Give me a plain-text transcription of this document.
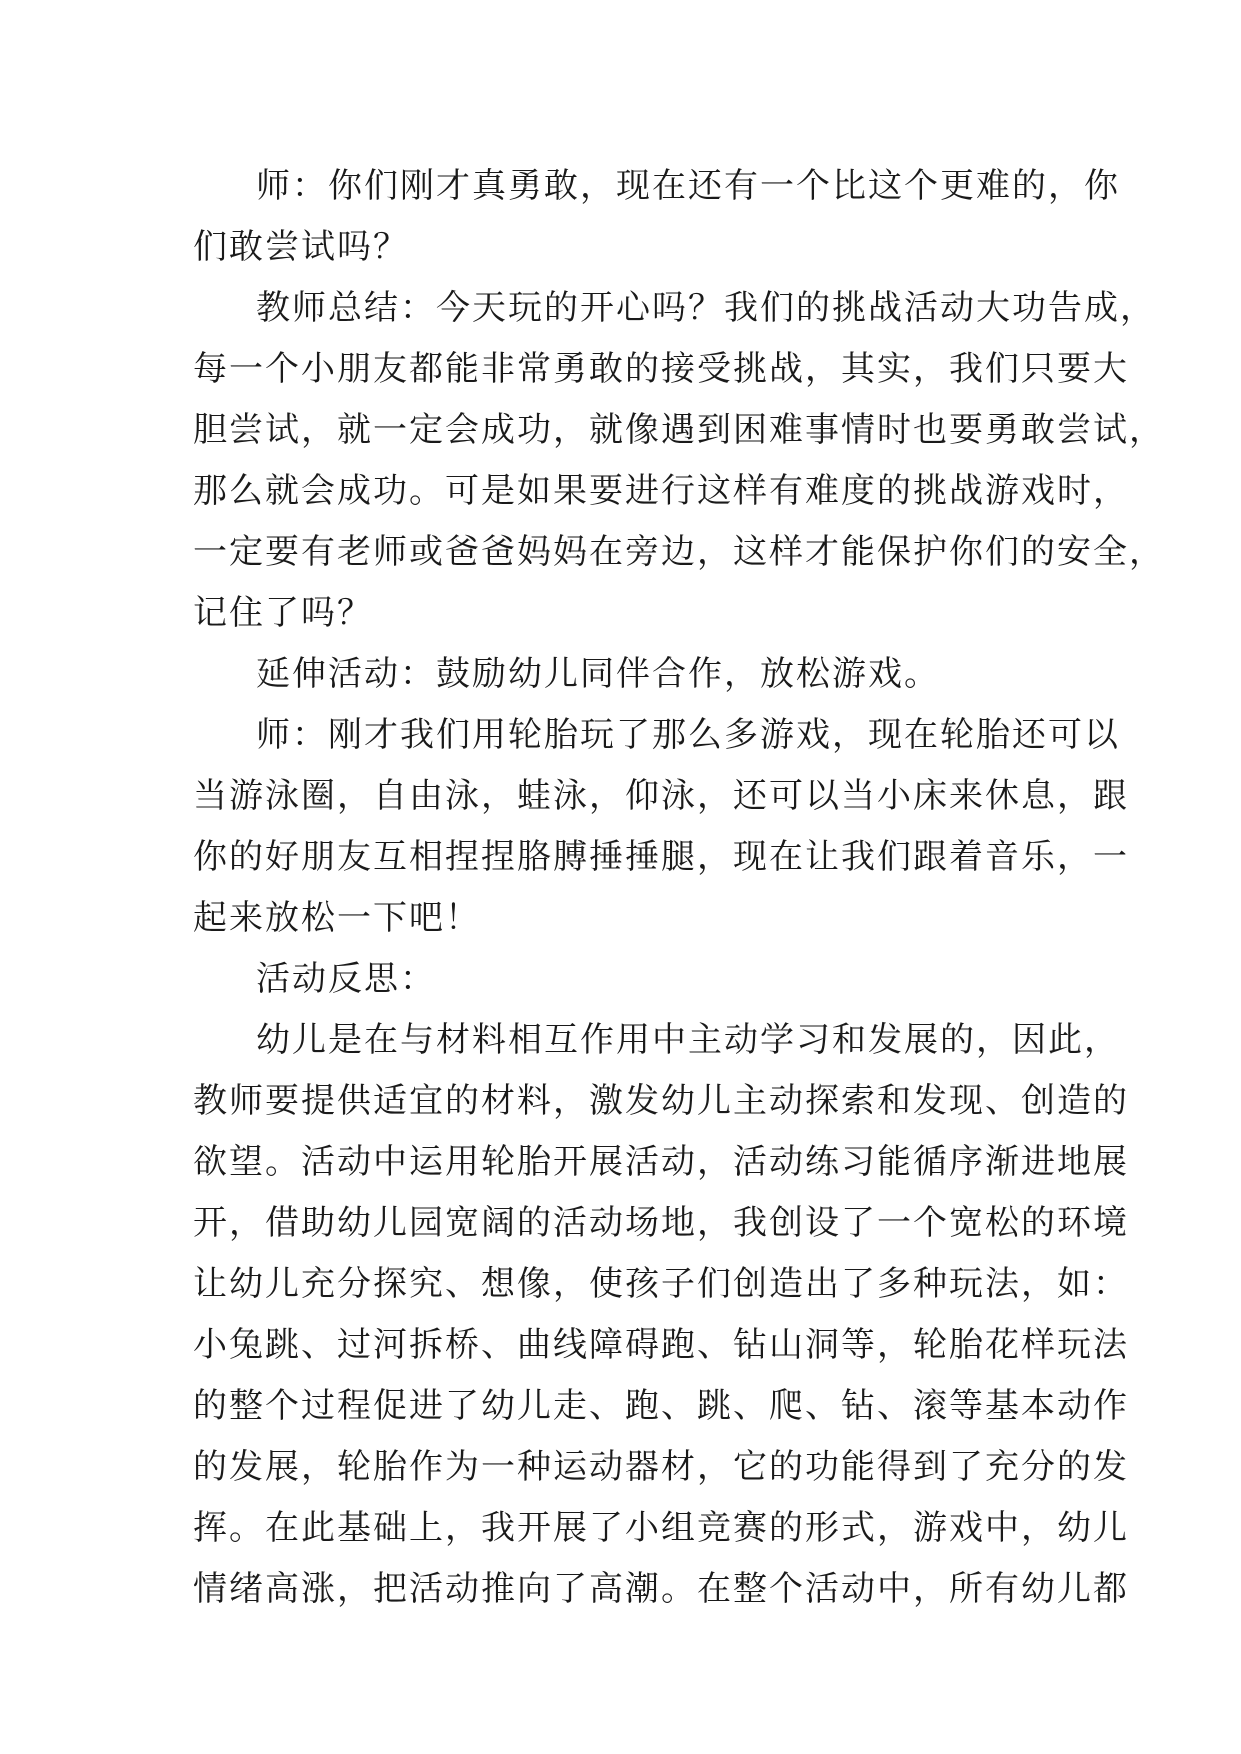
师：你们刚才真勇敢，现在还有一个比这个更难的，你
们敢尝试吗？

教师总结：今天玩的开心吗？我们的挑战活动大功告成，
每一个小朋友都能非常勇敢的接受挑战，其实，我们只要大
胆尝试，就一定会成功，就像遇到困难事情时也要勇敢尝试，
那么就会成功。可是如果要进行这样有难度的挑战游戏时，
一定要有老师或爸爸妈妈在旁边，这样才能保护你们的安全，
记住了吗？

延伸活动：鼓励幼儿同伴合作，放松游戏。

师：刚才我们用轮胎玩了那么多游戏，现在轮胎还可以
当游泳圈，自由泳，蛙泳，仰泳，还可以当小床来休息，跟
你的好朋友互相捏捏胳膊捶捶腿，现在让我们跟着音乐，一
起来放松一下吧！

活动反思：

幼儿是在与材料相互作用中主动学习和发展的，因此，
教师要提供适宜的材料，激发幼儿主动探索和发现、创造的
欲望。活动中运用轮胎开展活动，活动练习能循序渐进地展
开，借助幼儿园宽阔的活动场地，我创设了一个宽松的环境
让幼儿充分探究、想像，使孩子们创造出了多种玩法，如：
小兔跳、过河拆桥、曲线障碍跑、钻山洞等，轮胎花样玩法
的整个过程促进了幼儿走、跑、跳、爬、钻、滚等基本动作
的发展，轮胎作为一种运动器材，它的功能得到了充分的发
挥。在此基础上，我开展了小组竞赛的形式，游戏中，幼儿
情绪高涨，把活动推向了高潮。在整个活动中，所有幼儿都
